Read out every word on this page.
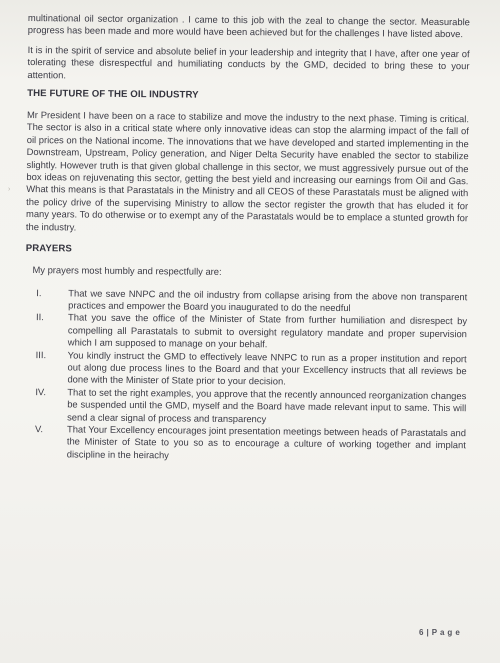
›

multinational oil sector organization . I came to this job with the zeal to change the sector. Measurable progress has been made and more would have been achieved but for the challenges I have listed above.

It is in the spirit of service and absolute belief in your leadership and integrity that I have, after one year of tolerating these disrespectful and humiliating conducts by the GMD, decided to bring these to your attention.

THE FUTURE OF THE OIL INDUSTRY

Mr President I have been on a race to stabilize and move the industry to the next phase. Timing is critical. The sector is also in a critical state where only innovative ideas can stop the alarming impact of the fall of oil prices on the National income. The innovations that we have developed and started implementing in the Downstream, Upstream, Policy generation, and Niger Delta Security have enabled the sector to stabilize slightly. However truth is that given global challenge in this sector, we must aggressively pursue out of the box ideas on rejuvenating this sector, getting the best yield and increasing our earnings from Oil and Gas. What this means is that Parastatals in the Ministry and all CEOS of these Parastatals must be aligned with the policy drive of the supervising Ministry to allow the sector register the growth that has eluded it for many years. To do otherwise or to exempt any of the Parastatals would be to emplace a stunted growth for the industry.

PRAYERS

My prayers most humbly and respectfully are:

I.	That we save NNPC and the oil industry from collapse arising from the above non transparent practices and empower the Board you inaugurated to do the needful

II.	That you save the office of the Minister of State from further humiliation and disrespect by compelling all Parastatals to submit to oversight regulatory mandate and proper supervision which I am supposed to manage on your behalf.

III.	You kindly instruct the GMD to effectively leave NNPC to run as a proper institution and report out along due process lines to the Board and that your Excellency instructs that all reviews be done with the Minister of State prior to your decision.

IV.	That to set the right examples, you approve that the recently announced reorganization changes be suspended until the GMD, myself and the Board have made relevant input to same. This will send a clear signal of process and transparency

V.	That Your Excellency encourages joint presentation meetings between heads of Parastatals and the Minister of State to you so as to encourage a culture of working together and implant discipline in the heirachy

6 | P a g e
